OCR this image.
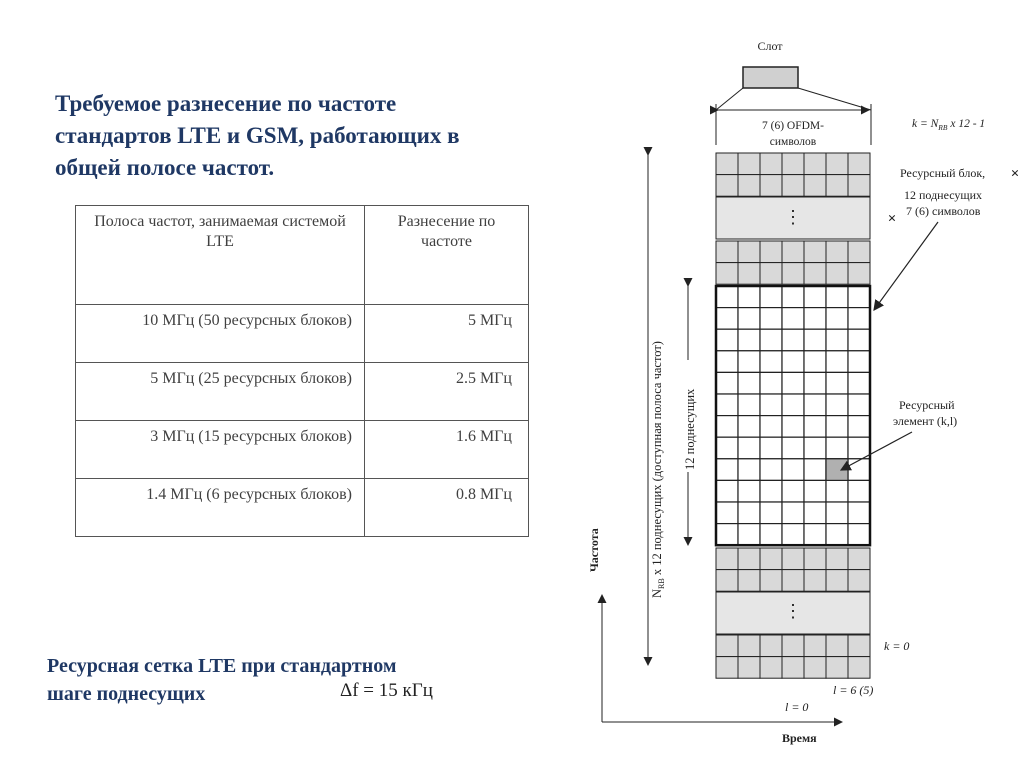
Требуемое разнесение по частоте
стандартов LTE и GSM, работающих в
общей полосе частот.
Полоса частот, занимаемая системой LTE	Разнесение по частоте
10 МГц (50 ресурсных блоков)	5 МГц
5 МГц (25 ресурсных блоков)	2.5 МГц
3 МГц (15 ресурсных блоков)	1.6 МГц
1.4 МГц (6 ресурсных блоков)	0.8 МГц
Ресурсная сетка LTE при стандартном
шаге поднесущих	Δf = 15 кГц
Слот
7 (6) OFDM-
символов
⋮
⋮
$N_{RB}$ x 12 поднесущих (доступная полоса частот) 12 поднесущих
Частота
Время
$k = N_{RB}$ x 12 - 1
k = 0
l = 6 (5)
l = 0
Ресурсный блок, ×
×
12 поднесущих
7 (6) символов
Ресурсный
элемент (k,l)
